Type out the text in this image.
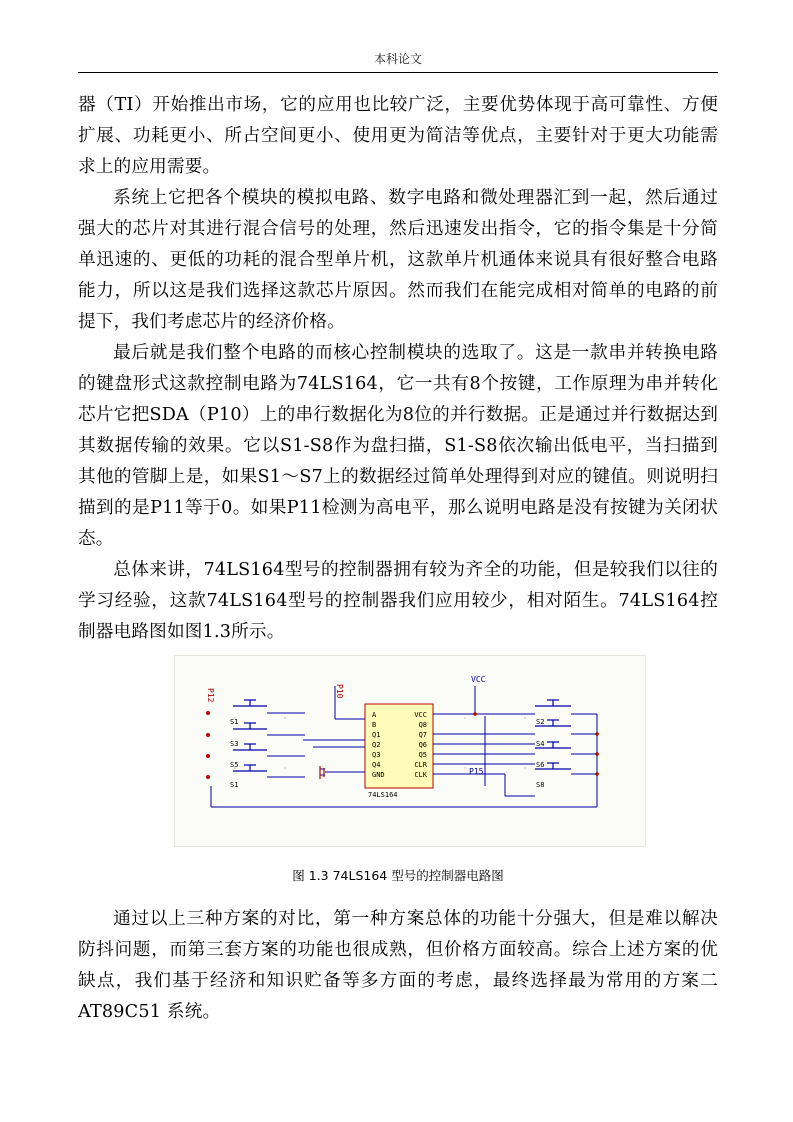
本科论文

器（TI）开始推出市场，它的应用也比较广泛，主要优势体现于高可靠性、方便扩展、功耗更小、所占空间更小、使用更为简洁等优点，主要针对于更大功能需求上的应用需要。

系统上它把各个模块的模拟电路、数字电路和微处理器汇到一起，然后通过强大的芯片对其进行混合信号的处理，然后迅速发出指令，它的指令集是十分简单迅速的、更低的功耗的混合型单片机，这款单片机通体来说具有很好整合电路能力，所以这是我们选择这款芯片原因。然而我们在能完成相对简单的电路的前提下，我们考虑芯片的经济价格。

最后就是我们整个电路的而核心控制模块的选取了。这是一款串并转换电路的键盘形式这款控制电路为74LS164，它一共有8个按键，工作原理为串并转化芯片它把SDA（P10）上的串行数据化为8位的并行数据。正是通过并行数据达到其数据传输的效果。它以S1-S8作为盘扫描，S1-S8依次输出低电平，当扫描到其他的管脚上是，如果S1～S7上的数据经过简单处理得到对应的键值。则说明扫描到的是P11等于0。如果P11检测为高电平，那么说明电路是没有按键为关闭状态。

总体来讲，74LS164型号的控制器拥有较为齐全的功能，但是较我们以往的学习经验，这款74LS164型号的控制器我们应用较少，相对陌生。74LS164控制器电路图如图1.3所示。

P12	P10
VCC
P15
S1
S3
S5
S1
A
B
Q1
Q2
Q3
Q4
GND
VCC
Q8
Q7
Q6
Q5
CLR
CLK
74LS164
S2
S4
S6
S8
图 1.3 74LS164 型号的控制器电路图

通过以上三种方案的对比，第一种方案总体的功能十分强大，但是难以解决防抖问题，而第三套方案的功能也很成熟，但价格方面较高。综合上述方案的优缺点，我们基于经济和知识贮备等多方面的考虑，最终选择最为常用的方案二 AT89C51 系统。
